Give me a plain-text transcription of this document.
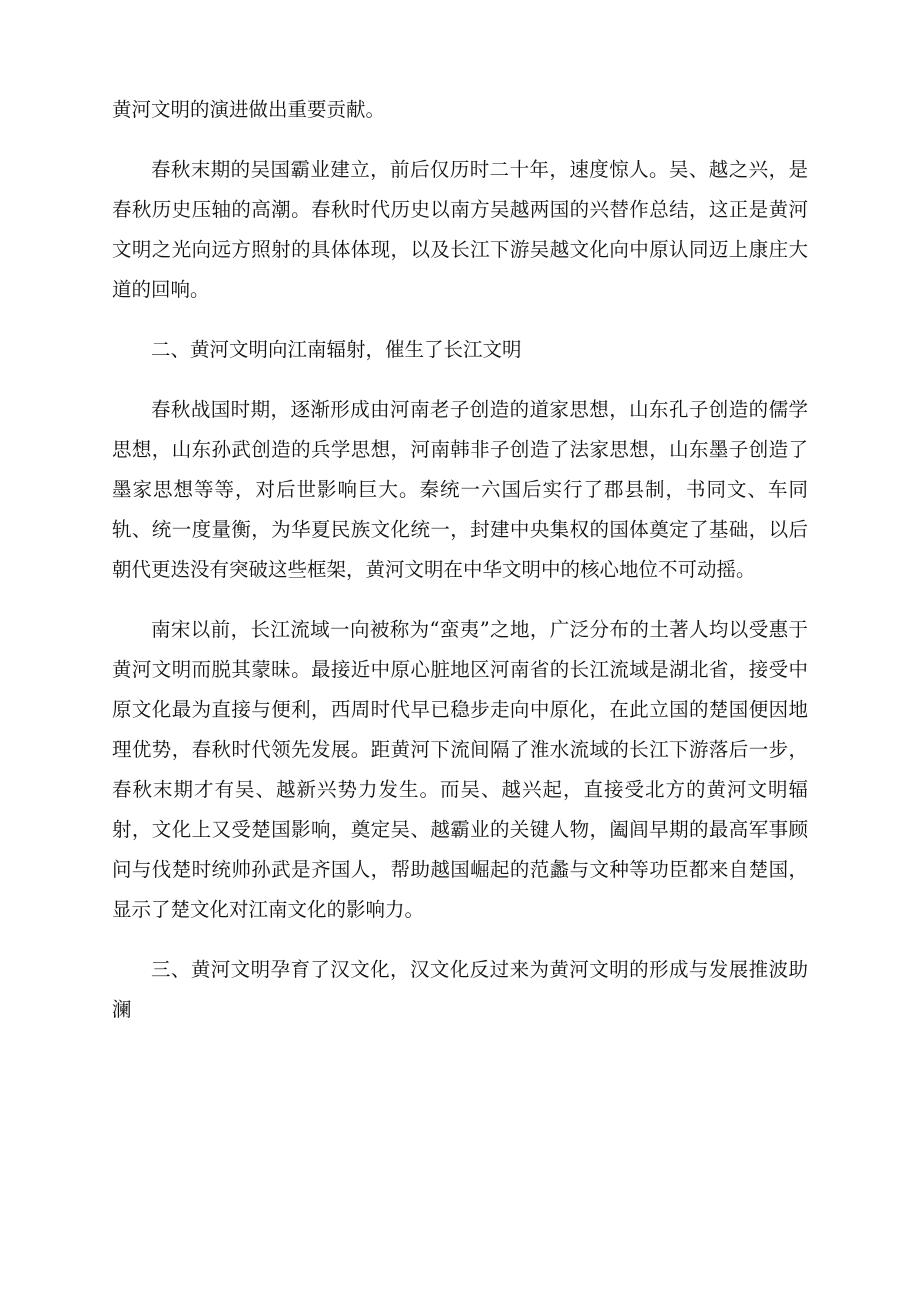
黄河文明的演进做出重要贡献。

春秋末期的吴国霸业建立，前后仅历时二十年，速度惊人。吴、越之兴，是春秋历史压轴的高潮。春秋时代历史以南方吴越两国的兴替作总结，这正是黄河文明之光向远方照射的具体体现，以及长江下游吴越文化向中原认同迈上康庄大道的回响。

二、黄河文明向江南辐射，催生了长江文明

春秋战国时期，逐渐形成由河南老子创造的道家思想，山东孔子创造的儒学思想，山东孙武创造的兵学思想，河南韩非子创造了法家思想，山东墨子创造了墨家思想等等，对后世影响巨大。秦统一六国后实行了郡县制，书同文、车同轨、统一度量衡，为华夏民族文化统一，封建中央集权的国体奠定了基础，以后朝代更迭没有突破这些框架，黄河文明在中华文明中的核心地位不可动摇。

南宋以前，长江流域一向被称为“蛮夷”之地，广泛分布的土著人均以受惠于黄河文明而脱其蒙昧。最接近中原心脏地区河南省的长江流域是湖北省，接受中原文化最为直接与便利，西周时代早已稳步走向中原化，在此立国的楚国便因地理优势，春秋时代领先发展。距黄河下流间隔了淮水流域的长江下游落后一步，春秋末期才有吴、越新兴势力发生。而吴、越兴起，直接受北方的黄河文明辐射，文化上又受楚国影响，奠定吴、越霸业的关键人物，阖闾早期的最高军事顾问与伐楚时统帅孙武是齐国人，帮助越国崛起的范蠡与文种等功臣都来自楚国，显示了楚文化对江南文化的影响力。

三、黄河文明孕育了汉文化，汉文化反过来为黄河文明的形成与发展推波助澜
